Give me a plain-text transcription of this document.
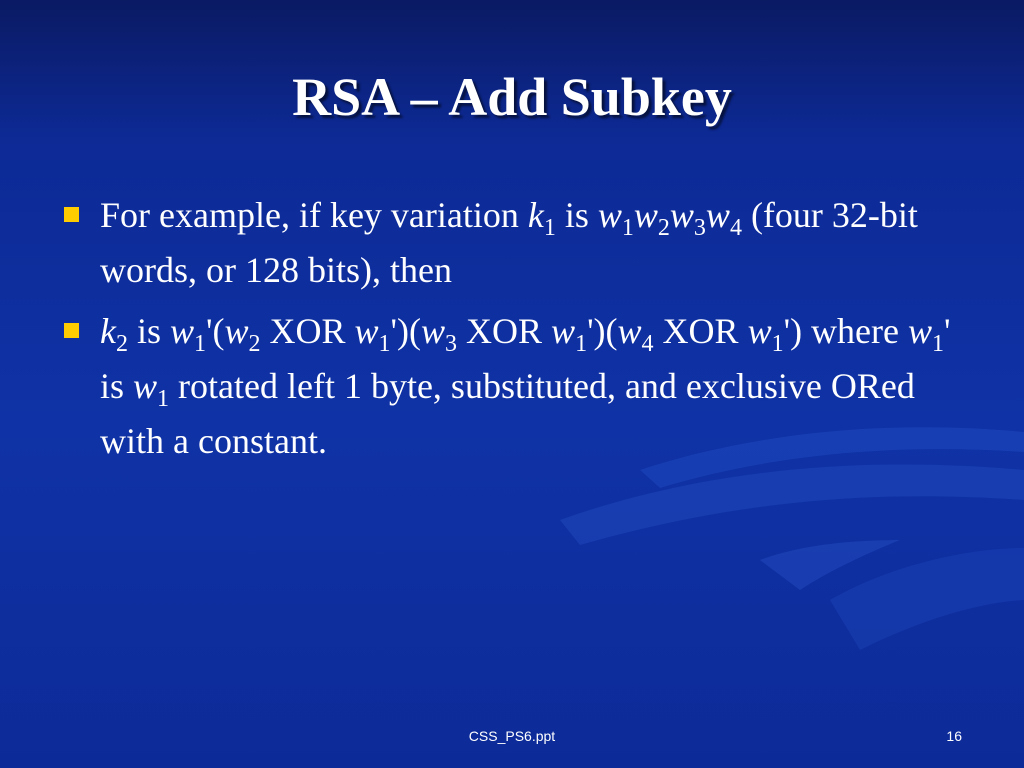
RSA – Add Subkey
For example, if key variation $k_1$ is $w_1w_2w_3w_4$ (four 32-bit words, or 128 bits), then
$k_2$ is $w_1'(w_2$ XOR $w_1')(w_3$ XOR $w_1')(w_4$ XOR $w_1'$) where $w_1'$ is $w_1$ rotated left 1 byte, substituted, and exclusive ORed with a constant.
CSS_PS6.ppt	16
